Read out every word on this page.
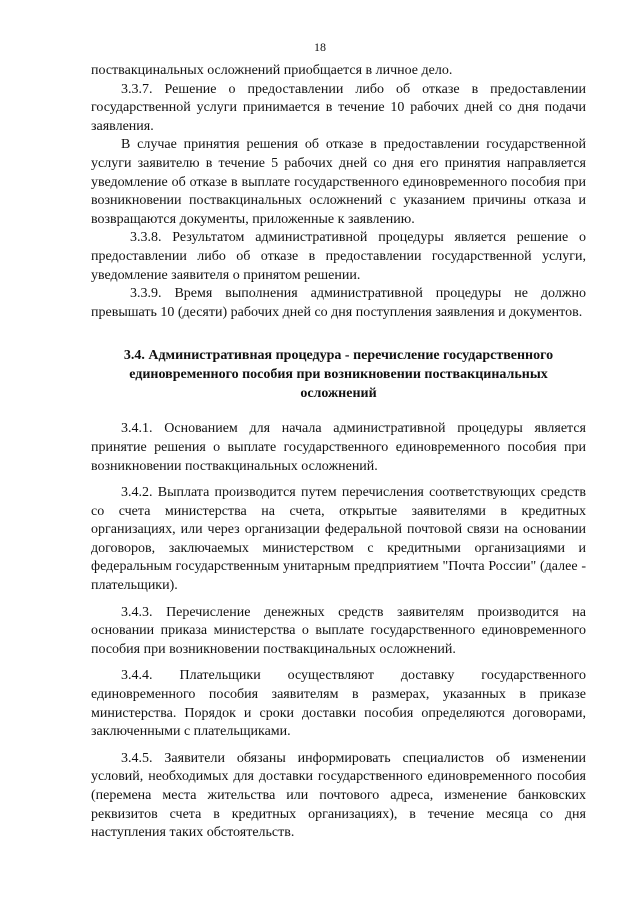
18

поствакцинальных осложнений приобщается в личное дело.

3.3.7. Решение о предоставлении либо об отказе в предоставлении государственной услуги принимается в течение 10 рабочих дней со дня подачи заявления.

В случае принятия решения об отказе в предоставлении государственной услуги заявителю в течение 5 рабочих дней со дня его принятия направляется уведомление об отказе в выплате государственного единовременного пособия при возникновении поствакцинальных осложнений с указанием причины отказа и возвращаются документы, приложенные к заявлению.

3.3.8. Результатом административной процедуры является решение о предоставлении либо об отказе в предоставлении государственной услуги, уведомление заявителя о принятом решении.

3.3.9. Время выполнения административной процедуры не должно превышать 10 (десяти) рабочих дней со дня поступления заявления и документов.

3.4. Административная процедура - перечисление государственного единовременного пособия при возникновении поствакцинальных осложнений

3.4.1. Основанием для начала административной процедуры является принятие решения о выплате государственного единовременного пособия при возникновении поствакцинальных осложнений.

3.4.2. Выплата производится путем перечисления соответствующих средств со счета министерства на счета, открытые заявителями в кредитных организациях, или через организации федеральной почтовой связи на основании договоров, заключаемых министерством с кредитными организациями и федеральным государственным унитарным предприятием "Почта России" (далее - плательщики).

3.4.3. Перечисление денежных средств заявителям производится на основании приказа министерства о выплате государственного единовременного пособия при возникновении поствакцинальных осложнений.

3.4.4. Плательщики осуществляют доставку государственного единовременного пособия заявителям в размерах, указанных в приказе министерства. Порядок и сроки доставки пособия определяются договорами, заключенными с плательщиками.

3.4.5. Заявители обязаны информировать специалистов об изменении условий, необходимых для доставки государственного единовременного пособия (перемена места жительства или почтового адреса, изменение банковских реквизитов счета в кредитных организациях), в течение месяца со дня наступления таких обстоятельств.
